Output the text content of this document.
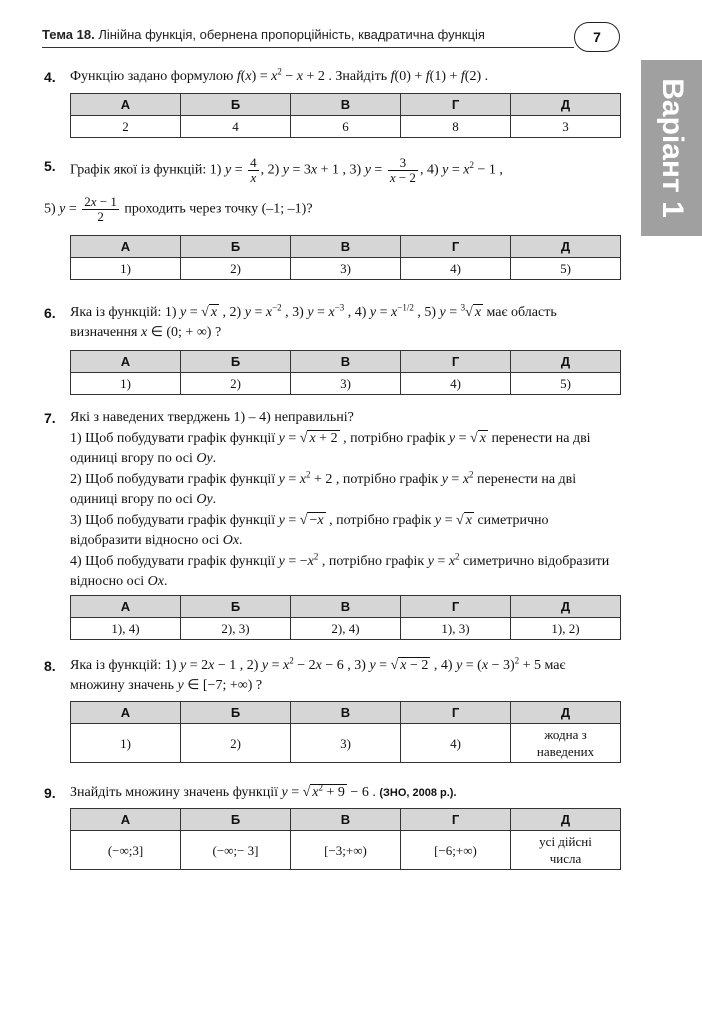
Тема 18. Лінійна функція, обернена пропорційність, квадратична функція	7
Варіант 1
4. Функцію задано формулою $f(x) = x^2 - x + 2$ . Знайдіть f(0) + f(1) + f(2) .
А	Б	В	Г	Д
2	4	6	8	3
5. Графік якої із функцій: 1) $y = \frac{4}{x}$ , 2) y = 3x + 1 , 3) $y = \frac{3}{x - 2}$ , 4) $y = x^2 - 1$ ,
5) $y = \frac{2x - 1}{2}$ проходить через точку (–1; –1)?
А	Б	В	Г	Д
1)	2)	3)	4)	5)
6. Яка із функцій: 1) y = √ x , 2) $y = x^{-2}$ , 3) $y = x^{-3}$ , 4) $y = x^{-1/2}$ , 5) y = $^3$√ x має область визначення x ∈ (0; + ∞) ?
А	Б	В	Г	Д
1)	2)	3)	4)	5)
7. Які з наведених тверджень 1) – 4) неправильні?
1) Щоб побудувати графік функції y = √ x + 2 , потрібно графік y = √ x перенести на дві одиниці вгору по осі Oy.
2) Щоб побудувати графік функції $y = x^2 + 2$ , потрібно графік $y = x^2$ перенести на дві одиниці вгору по осі Oy.
3) Щоб побудувати графік функції y = √ −x , потрібно графік y = √ x симетрично відобразити відносно осі Ox.
4) Щоб побудувати графік функції $y = -x^2$ , потрібно графік $y = x^2$ симетрично відобразити відносно осі Ox.
А	Б	В	Г	Д
1), 4)	2), 3)	2), 4)	1), 3)	1), 2)
8. Яка із функцій: 1) y = 2x − 1 , 2) $y = x^2 - 2x - 6$ , 3) y = √ x − 2 , 4) $y = (x - 3)^2 + 5$ має множину значень y ∈ [−7; +∞) ?
А	Б	В	Г	Д
1)	2)	3)	4)	жодна з наведених
9. Знайдіть множину значень функції y = √ $x^2 + 9 - 6$ . (ЗНО, 2008 р.).
А	Б	В	Г	Д
(−∞;3]	(−∞;− 3]	[−3;+∞)	[−6;+∞)	усі дійсні числа
